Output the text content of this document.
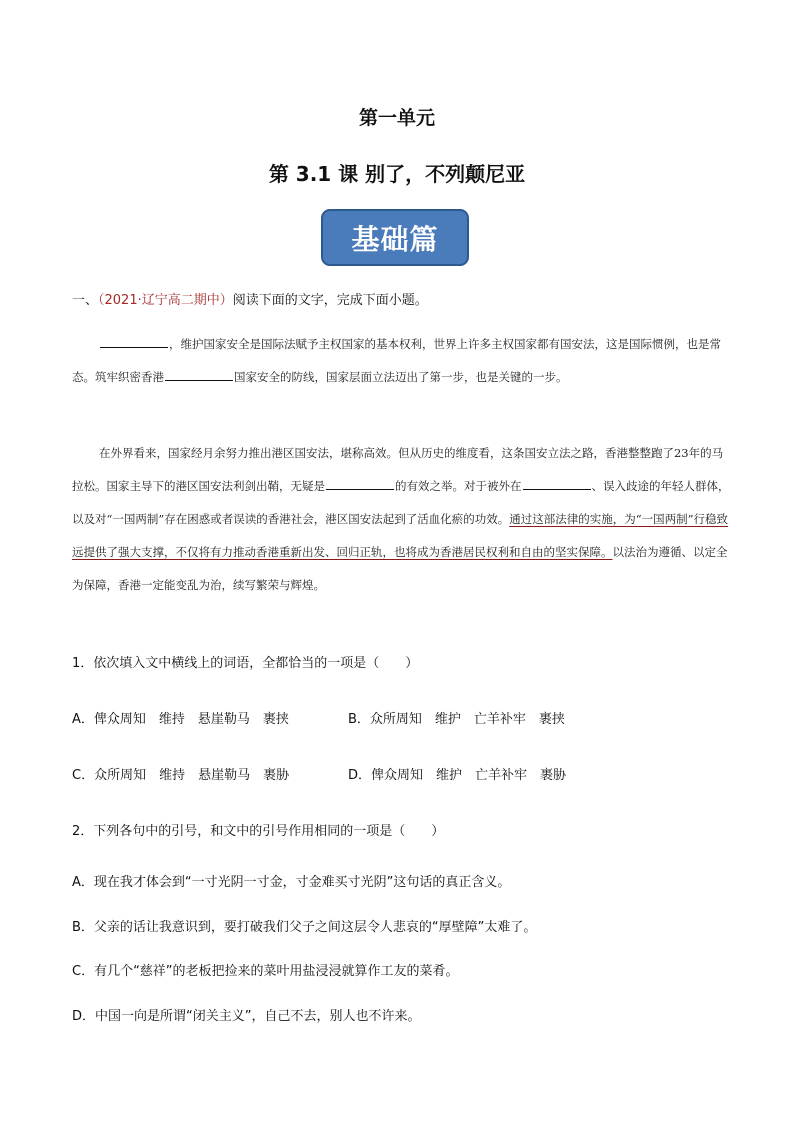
第一单元
第 3.1 课 别了，不列颠尼亚
基础篇
一、（2021·辽宁高二期中）阅读下面的文字，完成下面小题。
，维护国家安全是国际法赋予主权国家的基本权利，世界上许多主权国家都有国安法，这是国际惯例，也是常态。筑牢织密香港	国家安全的防线，国家层面立法迈出了第一步，也是关键的一步。
在外界看来，国家经月余努力推出港区国安法，堪称高效。但从历史的维度看，这条国安立法之路，香港整整跑了23年的马拉松。国家主导下的港区国安法利剑出鞘，无疑是	的有效之举。对于被外在	、误入歧途的年轻人群体，以及对“一国两制”存在困惑或者误读的香港社会，港区国安法起到了活血化瘀的功效。通过这部法律的实施，为“一国两制”行稳致远提供了强大支撑，不仅将有力推动香港重新出发、回归正轨，也将成为香港居民权利和自由的坚实保障。以法治为遵循、以定全为保障，香港一定能变乱为治，续写繁荣与辉煌。
1．依次填入文中横线上的词语，全都恰当的一项是（　　）
A．俾众周知　维持　悬崖勒马　裹挟	B．众所周知　维护　亡羊补牢　裹挟
C．众所周知　维持　悬崖勒马　裹胁	D．俾众周知　维护　亡羊补牢　裹胁
2．下列各句中的引号，和文中的引号作用相同的一项是（　　）
A．现在我才体会到“一寸光阴一寸金，寸金难买寸光阴”这句话的真正含义。
B．父亲的话让我意识到，要打破我们父子之间这层令人悲哀的“厚壁障”太难了。
C．有几个“慈祥”的老板把捡来的菜叶用盐浸浸就算作工友的菜肴。
D．中国一向是所谓“闭关主义”，自己不去，别人也不许来。
